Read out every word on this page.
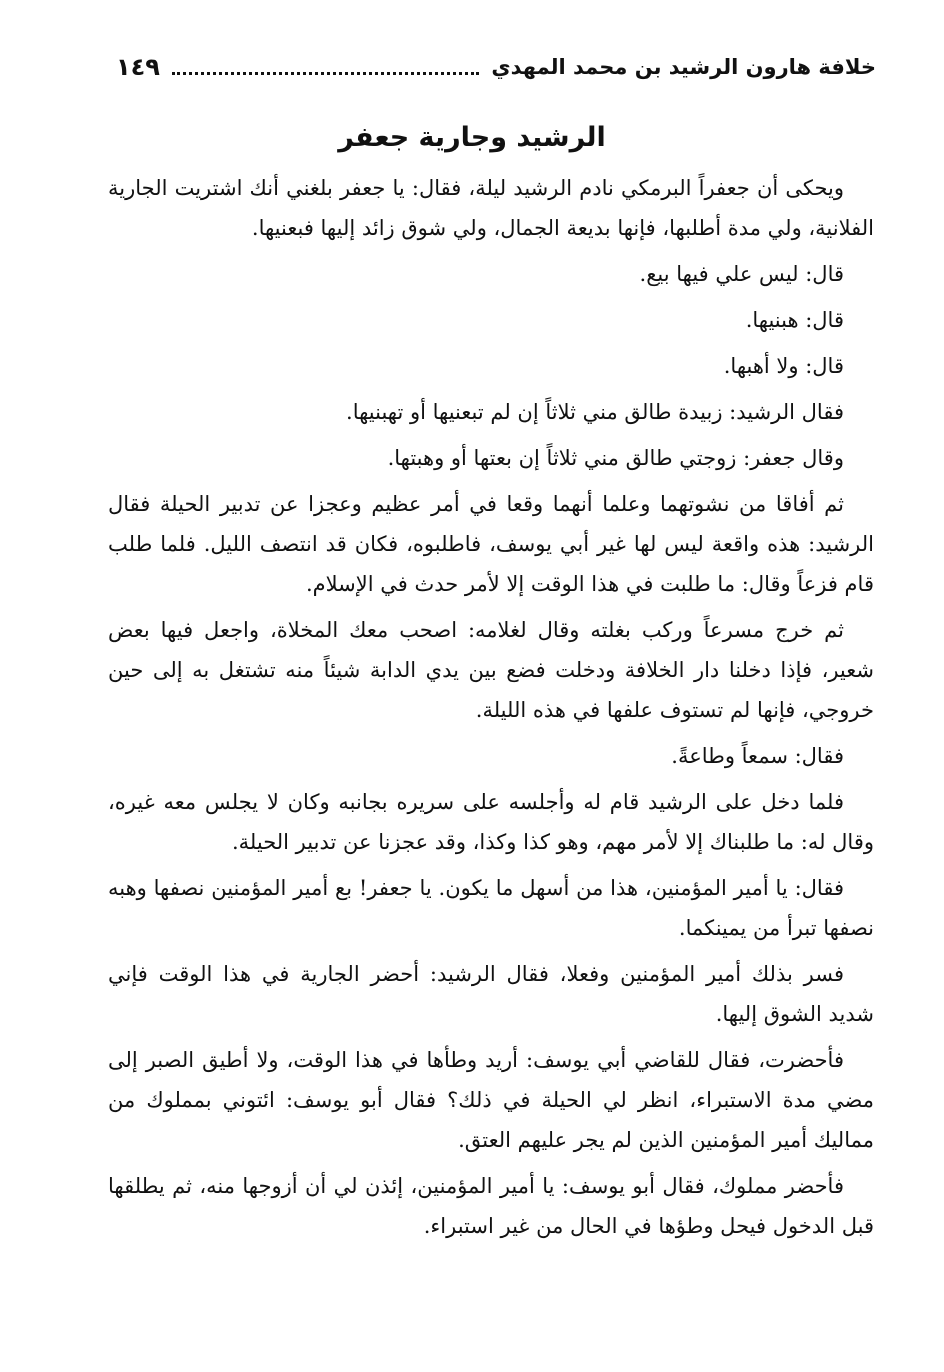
خلافة هارون الرشيد بن محمد المهدي
١٤٩
الرشيد وجارية جعفر

ويحكى أن جعفراً البرمكي نادم الرشيد ليلة، فقال: يا جعفر بلغني أنك اشتريت الجارية الفلانية، ولي مدة أطلبها، فإنها بديعة الجمال، ولي شوق زائد إليها فبعنيها.

قال: ليس علي فيها بيع.

قال: هبنيها.

قال: ولا أهبها.

فقال الرشيد: زبيدة طالق مني ثلاثاً إن لم تبعنيها أو تهبنيها.

وقال جعفر: زوجتي طالق مني ثلاثاً إن بعتها أو وهبتها.

ثم أفاقا من نشوتهما وعلما أنهما وقعا في أمر عظيم وعجزا عن تدبير الحيلة فقال الرشيد: هذه واقعة ليس لها غير أبي يوسف، فاطلبوه، فكان قد انتصف الليل. فلما طلب قام فزعاً وقال: ما طلبت في هذا الوقت إلا لأمر حدث في الإسلام.

ثم خرج مسرعاً وركب بغلته وقال لغلامه: اصحب معك المخلاة، واجعل فيها بعض شعير، فإذا دخلنا دار الخلافة ودخلت فضع بين يدي الدابة شيئاً منه تشتغل به إلى حين خروجي، فإنها لم تستوف علفها في هذه الليلة.

فقال: سمعاً وطاعةً.

فلما دخل على الرشيد قام له وأجلسه على سريره بجانبه وكان لا يجلس معه غيره، وقال له: ما طلبناك إلا لأمر مهم، وهو كذا وكذا، وقد عجزنا عن تدبير الحيلة.

فقال: يا أمير المؤمنين، هذا من أسهل ما يكون. يا جعفر! بع أمير المؤمنين نصفها وهبه نصفها تبرأ من يمينكما.

فسر بذلك أمير المؤمنين وفعلا، فقال الرشيد: أحضر الجارية في هذا الوقت فإني شديد الشوق إليها.

فأحضرت، فقال للقاضي أبي يوسف: أريد وطأها في هذا الوقت، ولا أطيق الصبر إلى مضي مدة الاستبراء، انظر لي الحيلة في ذلك؟ فقال أبو يوسف: ائتوني بمملوك من مماليك أمير المؤمنين الذين لم يجر عليهم العتق.

فأحضر مملوك، فقال أبو يوسف: يا أمير المؤمنين، إئذن لي أن أزوجها منه، ثم يطلقها قبل الدخول فيحل وطؤها في الحال من غير استبراء.
